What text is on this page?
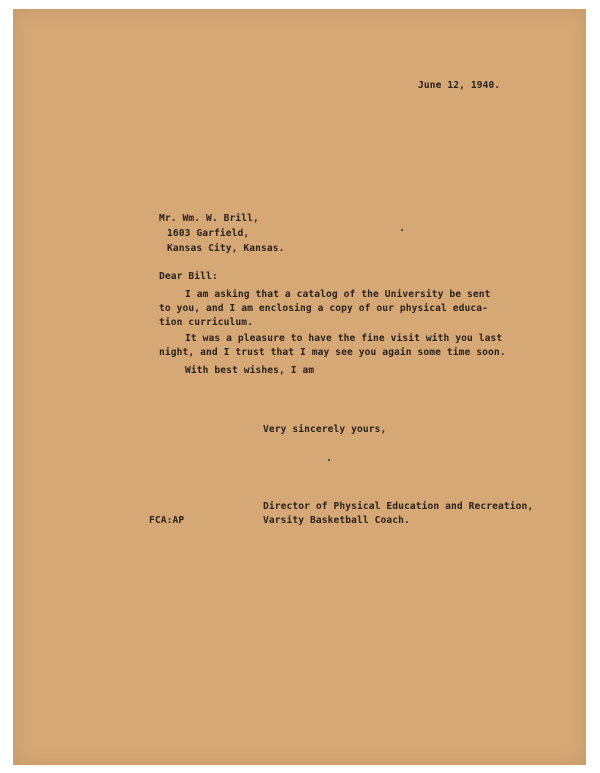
June 12, 1940.
Mr. Wm. W. Brill,
1603 Garfield,
Kansas City, Kansas.
Dear Bill:
I am asking that a catalog of the University be sent
to you, and I am enclosing a copy of our physical educa-
tion curriculum.
It was a pleasure to have the fine visit with you last
night, and I trust that I may see you again some time soon.
With best wishes, I am
Very sincerely yours,
Director of Physical Education and Recreation,
FCA:AP	Varsity Basketball Coach.
